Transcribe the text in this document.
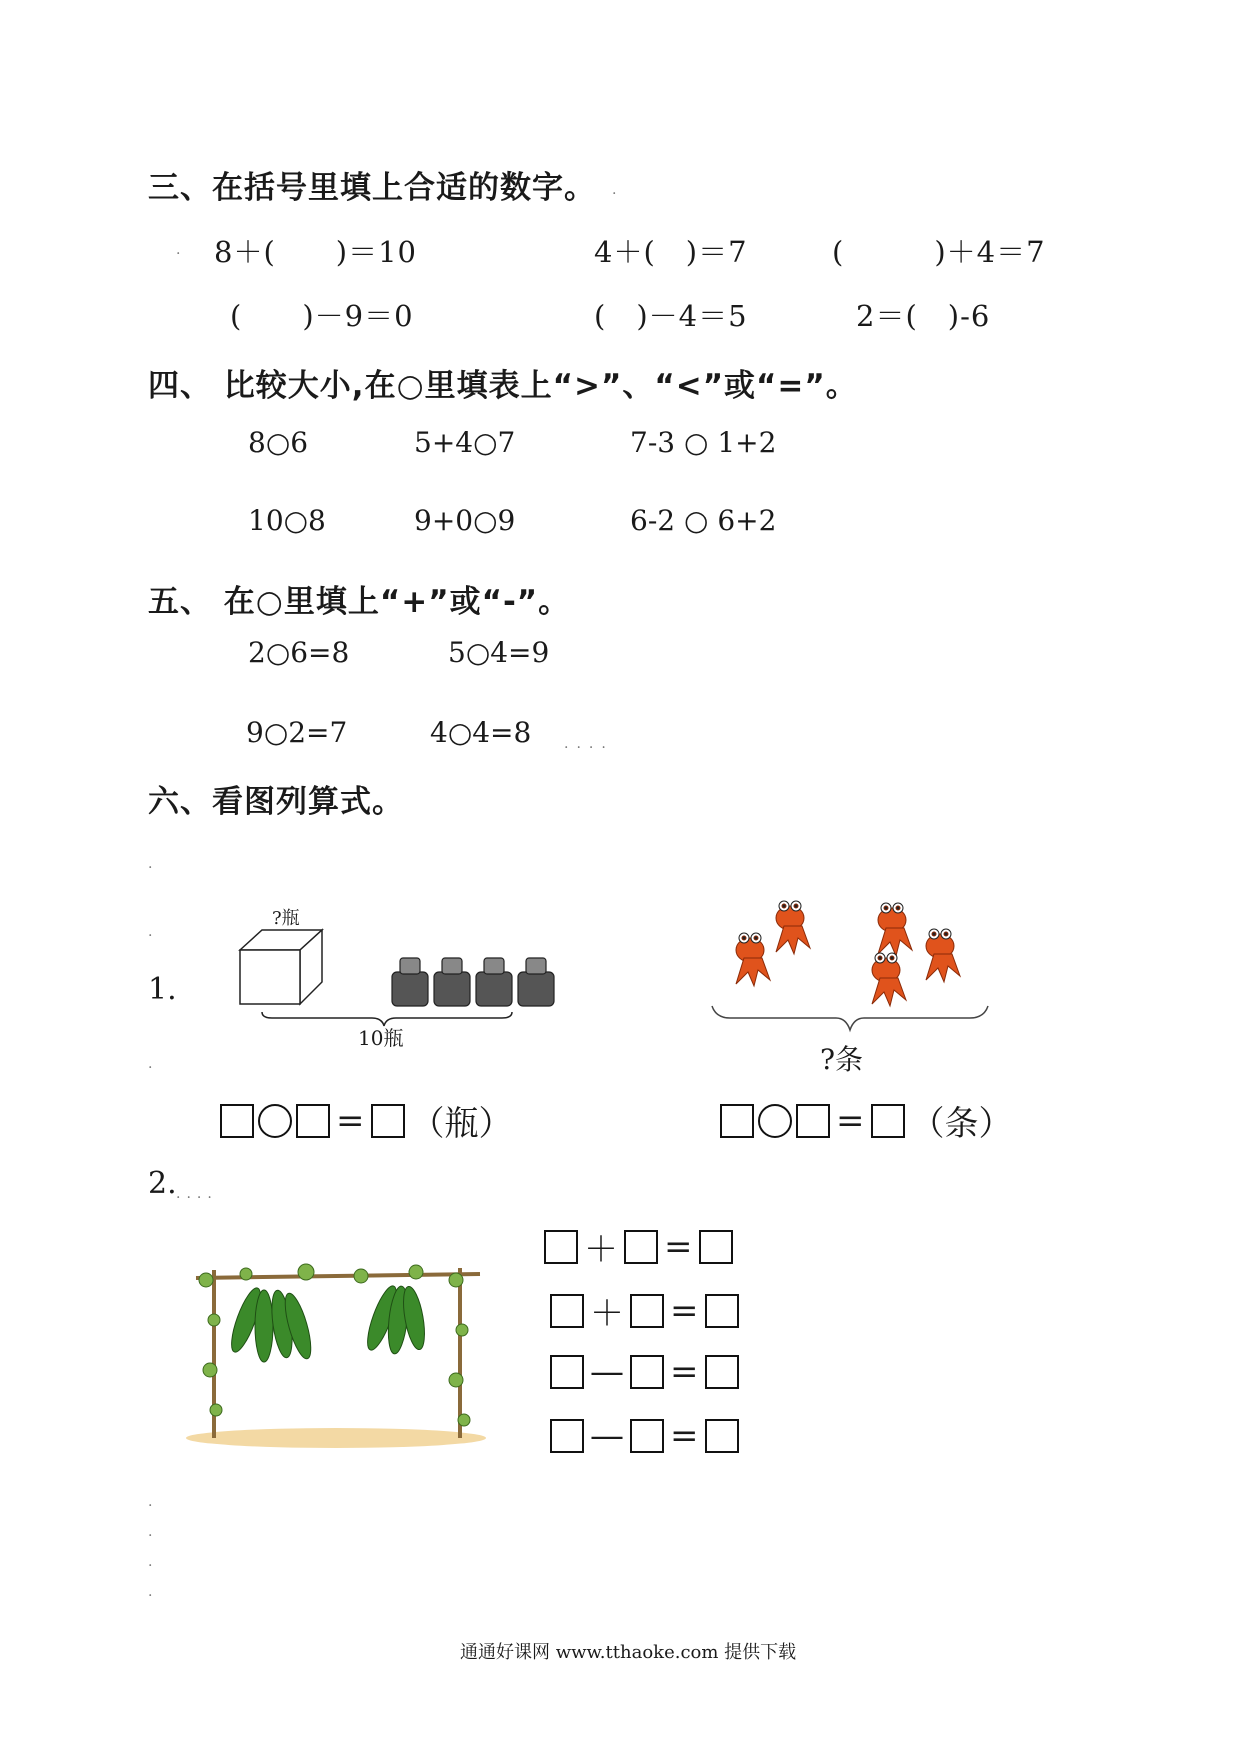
三、在括号里填上合适的数字。 .
. 8＋(　　)＝10	4＋(　)＝7	(　　　)＋4＝7
(　　)－9＝0	(　)－4＝5	2＝(　)-6
四、 比较大小,在○里填表上“>”、“<”或“=”。
8○6	5+4○7	7-3 ○ 1+2
10○8	9+0○9	6-2 ○ 6+2
五、 在○里填上“+”或“-”。
2○6=8	5○4=9
9○2=7	4○4=8 ....
六、看图列算式。
.
.
1.
.
?瓶
10瓶
?条
= （瓶）	= （条）
2. ....
＋ =
＋ =
— =
— =
.
.
.
.
通通好课网 www.tthaoke.com 提供下载
